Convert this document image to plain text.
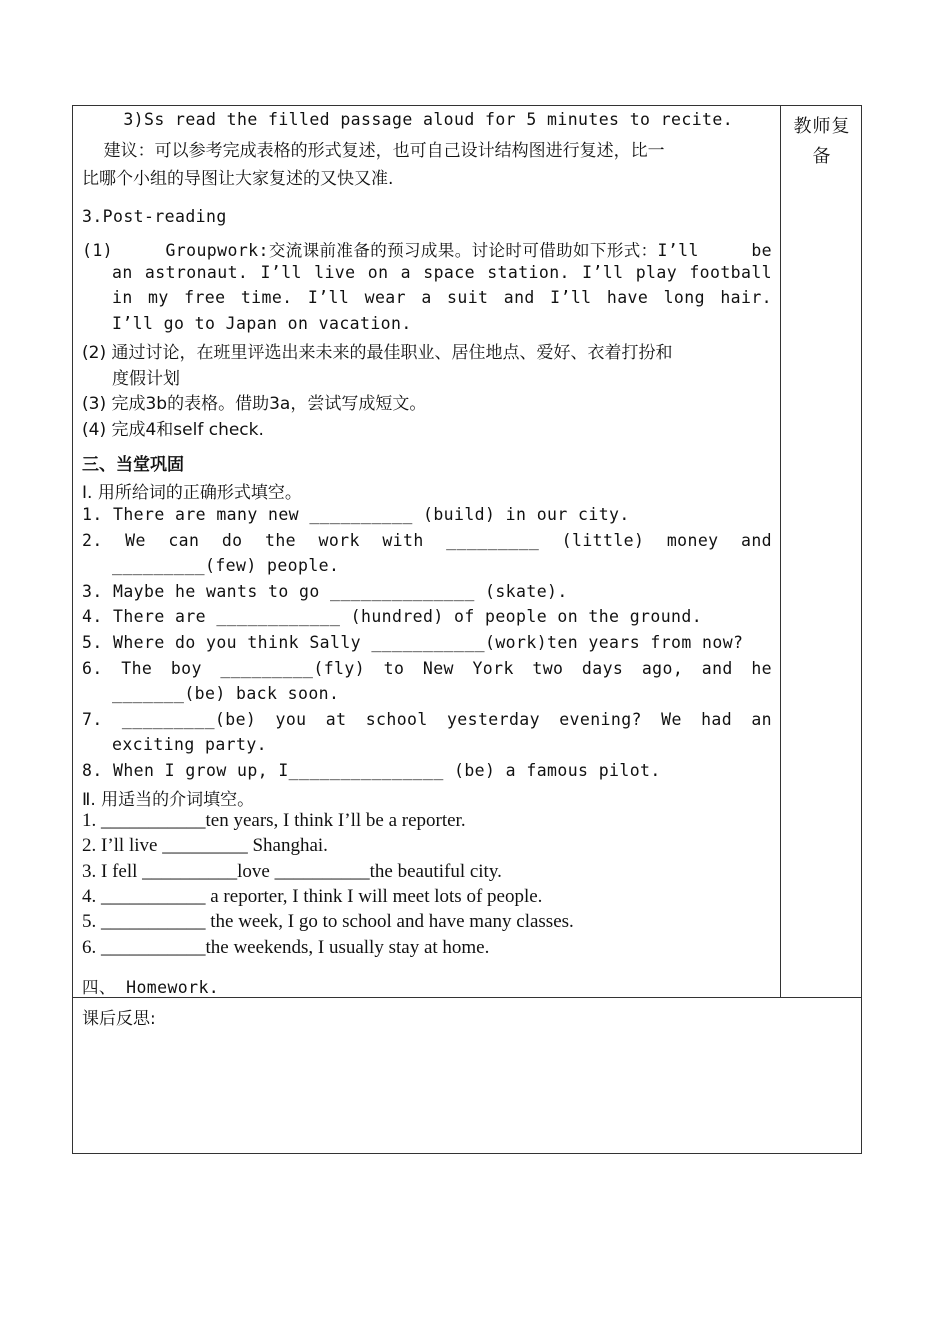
教师复备
3)Ss read the filled passage aloud for 5 minutes to recite.
建议：可以参考完成表格的形式复述，也可自己设计结构图进行复述，比一
比哪个小组的导图让大家复述的又快又准.
3.Post-reading
(1) Groupwork:交流课前准备的预习成果。讨论时可借助如下形式：I’ll be
an astronaut. I’ll live on a space station. I’ll play football
in my free time. I’ll wear a suit and I’ll have long hair.
I’ll go to Japan on vacation.
(2) 通过讨论，在班里评选出来未来的最佳职业、居住地点、爱好、衣着打扮和
度假计划
(3) 完成3b的表格。借助3a，尝试写成短文。
(4) 完成4和self check.
三、当堂巩固
Ⅰ. 用所给词的正确形式填空。
1. There are many new __________ (build) in our city.
2. We can do the work with _________ (little) money and
_________(few) people.
3. Maybe he wants to go ______________ (skate).
4. There are ____________ (hundred) of people on the ground.
5. Where do you think Sally ___________(work)ten years from now?
6. The boy _________(fly) to New York two days ago, and he
_______(be) back soon.
7. _________(be) you at school yesterday evening? We had an
exciting party.
8. When I grow up, I_______________ (be) a famous pilot.
Ⅱ. 用适当的介词填空。
1. ___________ten years, I think I’ll be a reporter.
2. I’ll live _________ Shanghai.
3. I fell __________love __________the beautiful city.
4. ___________ a reporter, I think I will meet lots of people.
5. ___________ the week, I go to school and have many classes.
6. ___________the weekends, I usually stay at home.
四、 Homework.
课后反思:
